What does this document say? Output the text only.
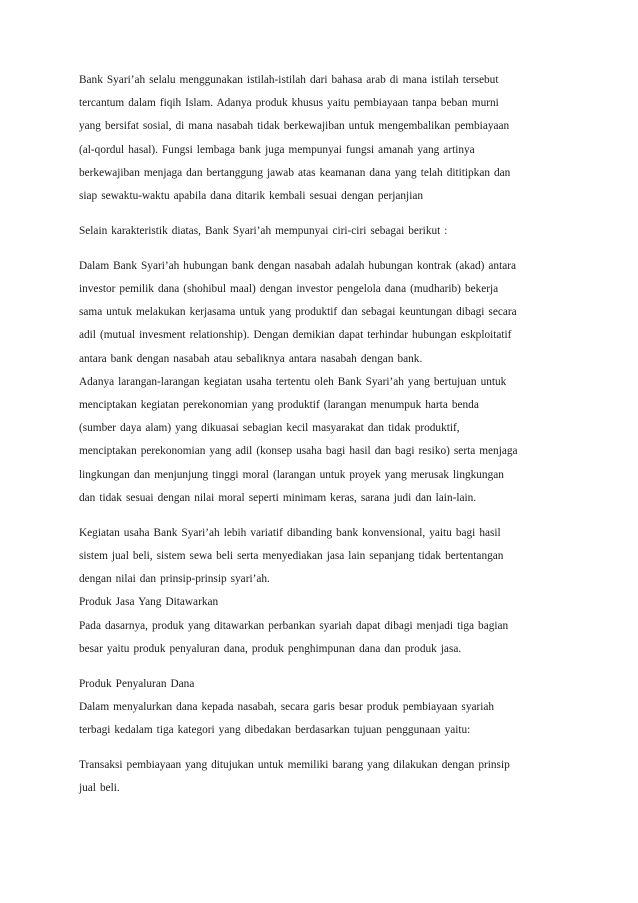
Bank Syari’ah selalu menggunakan istilah-istilah dari bahasa arab di mana istilah tersebut
tercantum dalam fiqih Islam. Adanya produk khusus yaitu pembiayaan tanpa beban murni
yang bersifat sosial, di mana nasabah tidak berkewajiban untuk mengembalikan pembiayaan
(al-qordul hasal). Fungsi lembaga bank juga mempunyai fungsi amanah yang artinya
berkewajiban menjaga dan bertanggung jawab atas keamanan dana yang telah dititipkan dan
siap sewaktu-waktu apabila dana ditarik kembali sesuai dengan perjanjian
Selain karakteristik diatas, Bank Syari’ah mempunyai ciri-ciri sebagai berikut :
Dalam Bank Syari’ah hubungan bank dengan nasabah adalah hubungan kontrak (akad) antara
investor pemilik dana (shohibul maal) dengan investor pengelola dana (mudharib) bekerja
sama untuk melakukan kerjasama untuk yang produktif dan sebagai keuntungan dibagi secara
adil (mutual invesment relationship). Dengan demikian dapat terhindar hubungan eskploitatif
antara bank dengan nasabah atau sebaliknya antara nasabah dengan bank.
Adanya larangan-larangan kegiatan usaha tertentu oleh Bank Syari’ah yang bertujuan untuk
menciptakan kegiatan perekonomian yang produktif (larangan menumpuk harta benda
(sumber daya alam) yang dikuasai sebagian kecil masyarakat dan tidak produktif,
menciptakan perekonomian yang adil (konsep usaha bagi hasil dan bagi resiko) serta menjaga
lingkungan dan menjunjung tinggi moral (larangan untuk proyek yang merusak lingkungan
dan tidak sesuai dengan nilai moral seperti minimam keras, sarana judi dan lain-lain.
Kegiatan usaha Bank Syari’ah lebih variatif dibanding bank konvensional, yaitu bagi hasil
sistem jual beli, sistem sewa beli serta menyediakan jasa lain sepanjang tidak bertentangan
dengan nilai dan prinsip-prinsip syari’ah.
Produk Jasa Yang Ditawarkan
Pada dasarnya, produk yang ditawarkan perbankan syariah dapat dibagi menjadi tiga bagian
besar yaitu produk penyaluran dana, produk penghimpunan dana dan produk jasa.
Produk Penyaluran Dana
Dalam menyalurkan dana kepada nasabah, secara garis besar produk pembiayaan syariah
terbagi kedalam tiga kategori yang dibedakan berdasarkan tujuan penggunaan yaitu:
Transaksi pembiayaan yang ditujukan untuk memiliki barang yang dilakukan dengan prinsip
jual beli.
